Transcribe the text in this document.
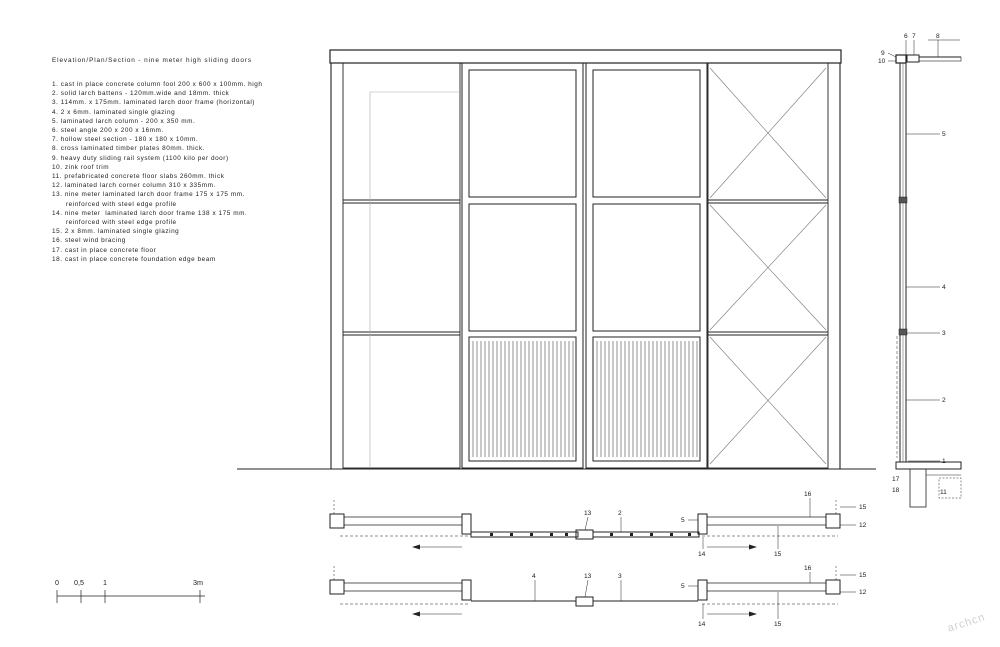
Elevation/Plan/Section - nine meter high sliding doors
1. cast in place concrete column fool 200 x 600 x 100mm. high
2. solid larch battens - 120mm.wide and 18mm. thick
3. 114mm. x 175mm. laminated larch door frame (horizontal)
4. 2 x 6mm. laminated single glazing
5. laminated larch column - 200 x 350 mm.
6. steel angle 200 x 200 x 16mm.
7. hollow steel section - 180 x 180 x 10mm.
8. cross laminated timber plates 80mm. thick.
9. heavy duty sliding rail system (1100 kilo per door)
10. zink roof trim
11. prefabricated concrete floor slabs 260mm. thick
12. laminated larch corner column 310 x 335mm.
13. nine meter laminated larch door frame 175 x 175 mm.
reinforced with steel edge profile
14. nine meter  laminated larch door frame 138 x 175 mm.
reinforced with steel edge profile
15. 2 x 8mm. laminated single glazing
16. steel wind bracing
17. cast in place concrete floor
18. cast in place concrete foundation edge beam
archcn
6 7	8
9
10
5
4
3
2
1
17
18	11
13	2
5
16
15
12
14	15
4	13	3
5
16
15
12
14	15
0 0,5	1	3m
